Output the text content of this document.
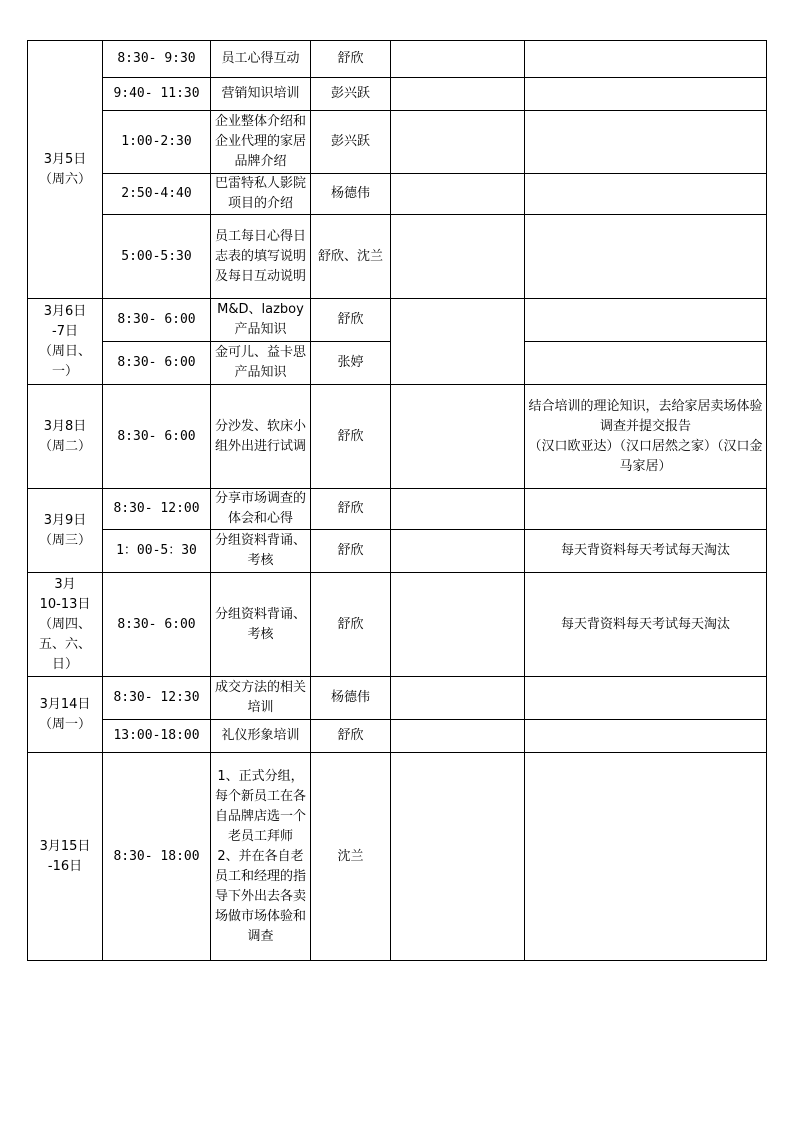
3月5日
（周六）	8:30- 9:30	员工心得互动	舒欣		
	9:40- 11:30	营销知识培训	彭兴跃		
	1:00-2:30	企业整体介绍和企业代理的家居品牌介绍	彭兴跃		
	2:50-4:40	巴雷特私人影院项目的介绍	杨德伟		
	5:00-5:30	员工每日心得日志表的填写说明及每日互动说明	舒欣、沈兰		
3月6日
-7日
（周日、
一）	8:30- 6:00	M&D、lazboy产品知识	舒欣		
	8:30- 6:00	金可儿、益卡思产品知识	张婷		
3月8日
（周二）	8:30- 6:00	分沙发、软床小组外出进行试调	舒欣		结合培训的理论知识，去给家居卖场体验调查并提交报告
（汉口欧亚达）（汉口居然之家）（汉口金马家居）
3月9日
（周三）	8:30- 12:00	分享市场调查的体会和心得	舒欣		
	1：00-5：30	分组资料背诵、考核	舒欣		每天背资料每天考试每天淘汰
3月
10-13日
（周四、
五、六、
日）	8:30- 6:00	分组资料背诵、考核	舒欣		每天背资料每天考试每天淘汰
3月14日
（周一）	8:30- 12:30	成交方法的相关培训	杨德伟		
	13:00-18:00	礼仪形象培训	舒欣		
3月15日
-16日	8:30- 18:00	1、正式分组，每个新员工在各自品牌店选一个老员工拜师
2、并在各自老员工和经理的指导下外出去各卖场做市场体验和调查	沈兰		
